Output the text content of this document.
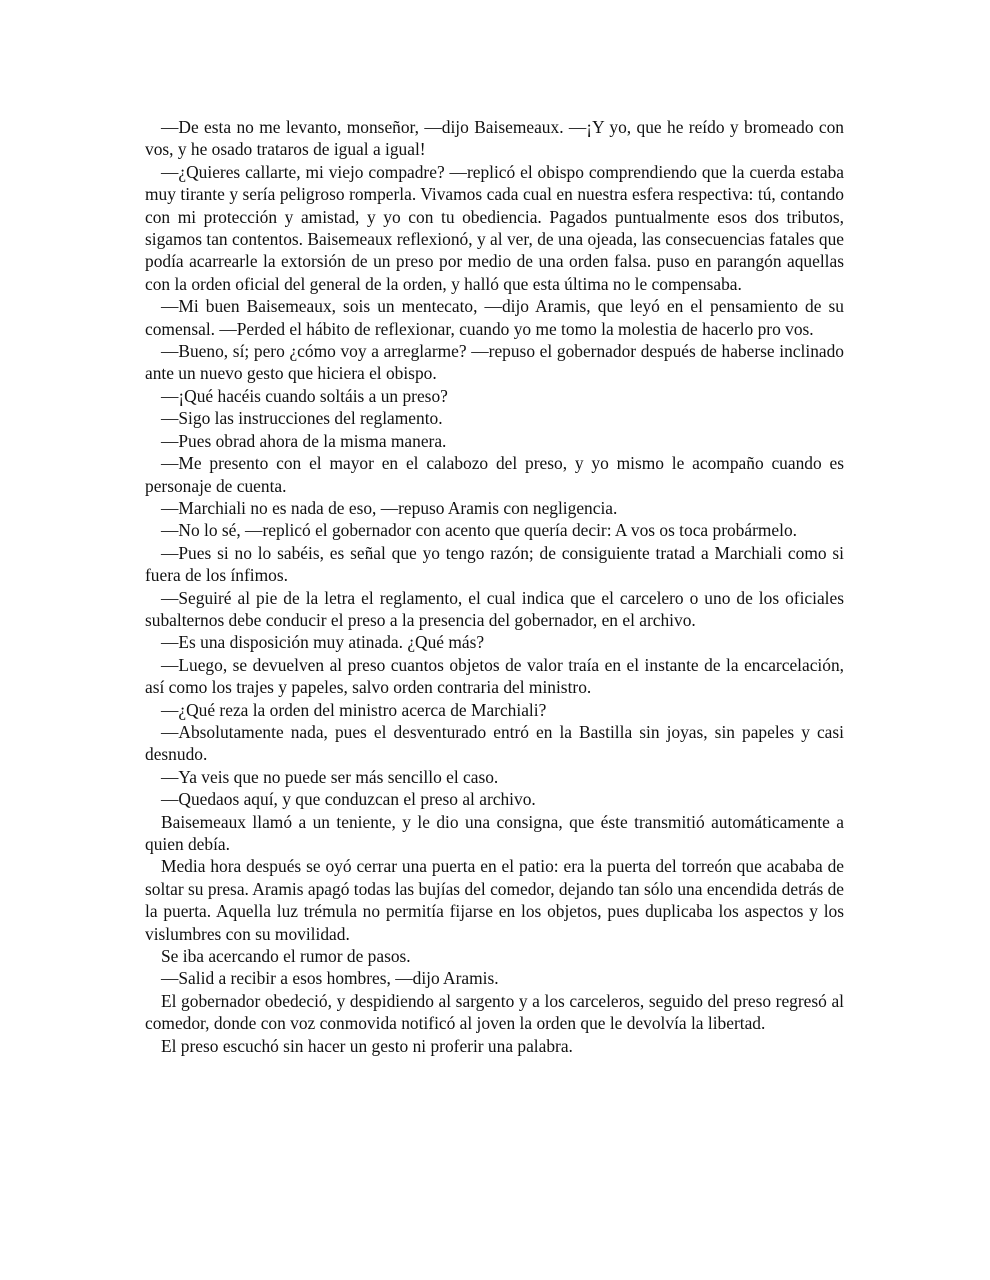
—De esta no me levanto, monseñor, —dijo Baisemeaux. —¡Y yo, que he reído y bromeado con vos, y he osado trataros de igual a igual!

—¿Quieres callarte, mi viejo compadre? —replicó el obispo comprendiendo que la cuerda estaba muy tirante y sería peligroso romperla. Vivamos cada cual en nuestra esfera respectiva: tú, contando con mi protección y amistad, y yo con tu obediencia. Pagados puntualmente esos dos tributos, sigamos tan contentos. Baisemeaux reflexionó, y al ver, de una ojeada, las consecuencias fatales que podía acarrearle la extorsión de un preso por medio de una orden falsa. puso en parangón aquellas con la orden oficial del general de la orden, y halló que esta última no le compensaba.

—Mi buen Baisemeaux, sois un mentecato, —dijo Aramis, que leyó en el pensamiento de su comensal. —Perded el hábito de reflexionar, cuando yo me tomo la molestia de hacerlo pro vos.

—Bueno, sí; pero ¿cómo voy a arreglarme? —repuso el gobernador después de haberse inclinado ante un nuevo gesto que hiciera el obispo.

—¡Qué hacéis cuando soltáis a un preso?

—Sigo las instrucciones del reglamento.

—Pues obrad ahora de la misma manera.

—Me presento con el mayor en el calabozo del preso, y yo mismo le acompaño cuando es personaje de cuenta.

—Marchiali no es nada de eso, —repuso Aramis con negligencia.

—No lo sé, —replicó el gobernador con acento que quería decir: A vos os toca probármelo.

—Pues si no lo sabéis, es señal que yo tengo razón; de consiguiente tratad a Marchiali como si fuera de los ínfimos.

—Seguiré al pie de la letra el reglamento, el cual indica que el carcelero o uno de los oficiales subalternos debe conducir el preso a la presencia del gobernador, en el archivo.

—Es una disposición muy atinada. ¿Qué más?

—Luego, se devuelven al preso cuantos objetos de valor traía en el instante de la encarcelación, así como los trajes y papeles, salvo orden contraria del ministro.

—¿Qué reza la orden del ministro acerca de Marchiali?

—Absolutamente nada, pues el desventurado entró en la Bastilla sin joyas, sin papeles y casi desnudo.

—Ya veis que no puede ser más sencillo el caso.

—Quedaos aquí, y que conduzcan el preso al archivo.

Baisemeaux llamó a un teniente, y le dio una consigna, que éste transmitió automáticamente a quien debía.

Media hora después se oyó cerrar una puerta en el patio: era la puerta del torreón que acababa de soltar su presa. Aramis apagó todas las bujías del comedor, dejando tan sólo una encendida detrás de la puerta. Aquella luz trémula no permitía fijarse en los objetos, pues duplicaba los aspectos y los vislumbres con su movilidad.

Se iba acercando el rumor de pasos.

—Salid a recibir a esos hombres, —dijo Aramis.

El gobernador obedeció, y despidiendo al sargento y a los carceleros, seguido del preso regresó al comedor, donde con voz conmovida notificó al joven la orden que le devolvía la libertad.

El preso escuchó sin hacer un gesto ni proferir una palabra.
